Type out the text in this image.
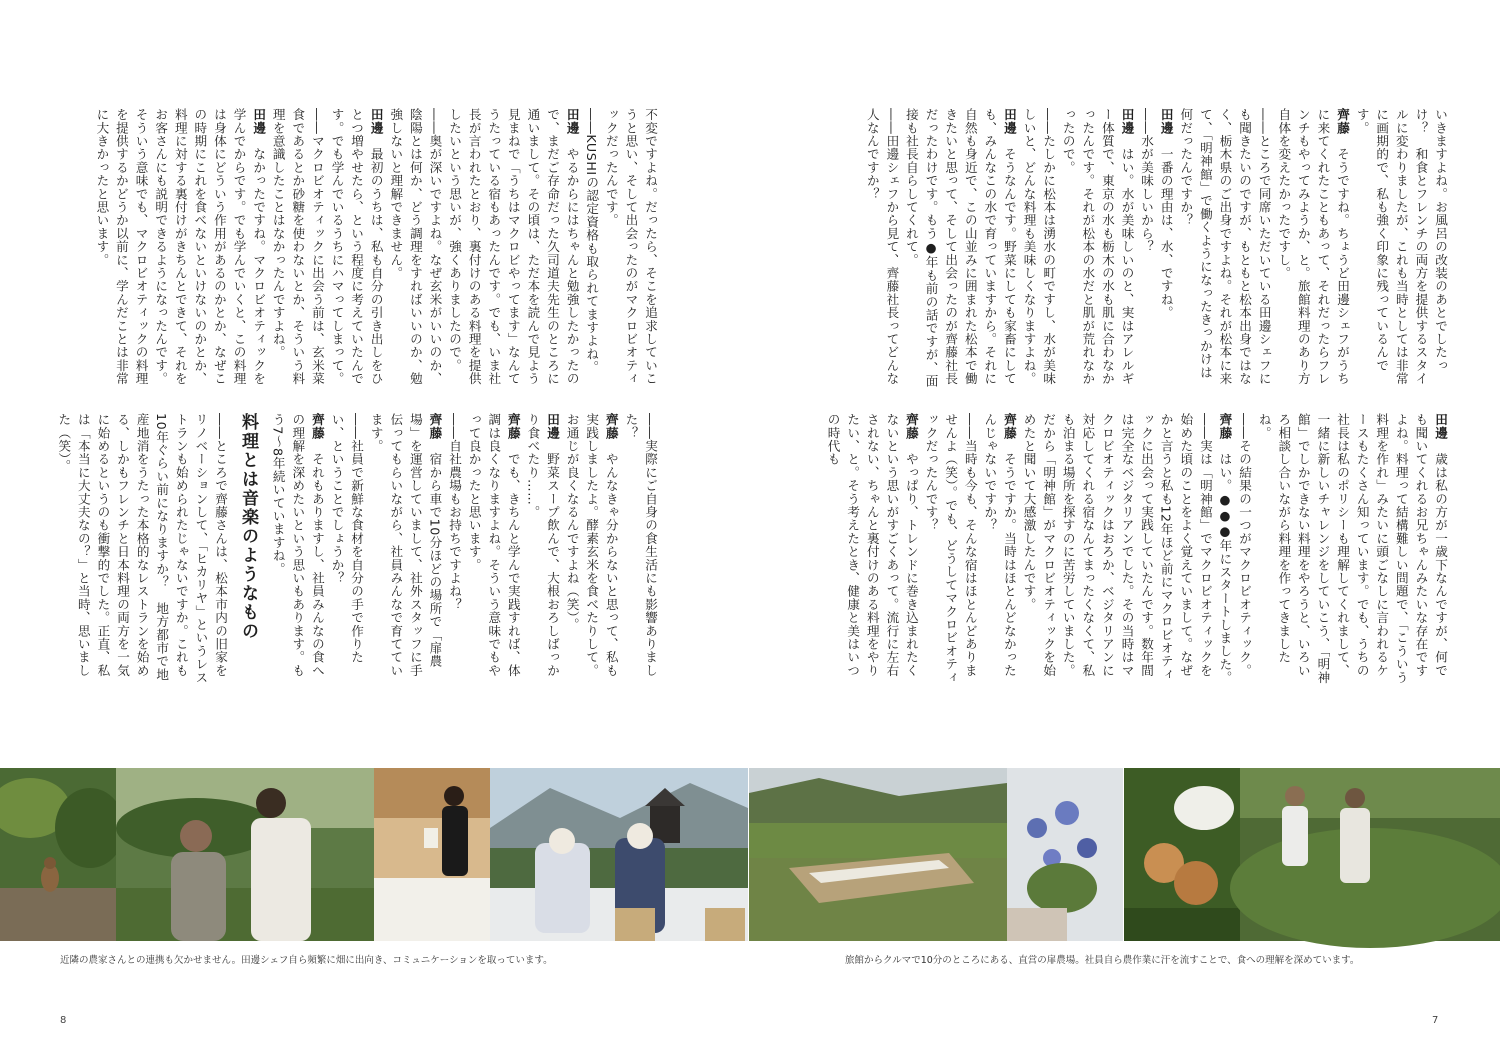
いきますよね。お風呂の改装のあとでしたっけ？　和食とフレンチの両方を提供するスタイルに変わりましたが、これも当時としては非常に画期的で、私も強く印象に残っているんです。

齊藤　そうですね。ちょうど田邊シェフがうちに来てくれたこともあって、それだったらフレンチもやってみようか、と。旅館料理のあり方自体を変えたかったですし。

――ところで同席いただいている田邊シェフにも聞きたいのですが、もともと松本出身ではなく、栃木県のご出身ですよね。それが松本に来て、「明神館」で働くようになったきっかけは何だったんですか？

田邊　一番の理由は、水、ですね。

――水が美味しいから？

田邊　はい。水が美味しいのと、実はアレルギー体質で、東京の水も栃木の水も肌に合わなかったんです。それが松本の水だと肌が荒れなかったので。

――たしかに松本は湧水の町ですし、水が美味しいと、どんな料理も美味しくなりますよね。

田邊　そうなんです。野菜にしても家畜にしても、みんなこの水で育っていますから。それに自然も身近で、この山並みに囲まれた松本で働きたいと思って、そして出会ったのが齊藤社長だったわけです。もう●年も前の話ですが、面接も社長自らしてくれて。

――田邊シェフから見て、齊藤社長ってどんな人なんですか？

田邊　歳は私の方が一歳下なんですが、何でも聞いてくれるお兄ちゃんみたいな存在ですよね。料理って結構難しい問題で、「こういう料理を作れ」みたいに頭ごなしに言われるケースもたくさん知っています。でも、うちの社長は私のポリシーも理解してくれまして、一緒に新しいチャレンジをしていこう、「明神館」でしかできない料理をやろうと、いろいろ相談し合いながら料理を作ってきましたね。

――その結果の一つがマクロビオティック。

齊藤　はい。●●●年にスタートしました。

――実は「明神館」でマクロビオティックを始めた頃のことをよく覚えていまして。なぜかと言うと私も12年ほど前にマクロビオティックに出会って実践していたんです。数年間は完全なベジタリアンでした。その当時はマクロビオティックはおろか、ベジタリアンに対応してくれる宿なんてまったくなくて、私も泊まる場所を探すのに苦労していました。だから「明神館」がマクロビオティックを始めたと聞いて大感激したんです。

齊藤　そうですか。当時はほとんどなかったんじゃないですか？

――当時も今も、そんな宿はほとんどありませんよ（笑）。でも、どうしてマクロビオティックだったんです？

齊藤　やっぱり、トレンドに巻き込まれたくないという思いがすごくあって。流行に左右されない、ちゃんと裏付けのある料理をやりたい、と。そう考えたとき、健康と美はいつの時代も

不変ですよね。だったら、そこを追求していこうと思い、そして出会ったのがマクロビオティックだったんです。

――KUSHIの認定資格も取られてますよね。

田邊　やるからにはちゃんと勉強したかったので、まだご存命だった久司道夫先生のところに通いまして。その頃は、ただ本を読んで見よう見まねで「うちはマクロビやってます」なんてうたっている宿もあったんです。でも、いま社長が言われたとおり、裏付けのある料理を提供したいという思いが、強くありましたので。

――奥が深いですよね。なぜ玄米がいいのか、陰陽とは何か、どう調理をすればいいのか、勉強しないと理解できません。

田邊　最初のうちは、私も自分の引き出しをひとつ増やせたら、という程度に考えていたんです。でも学んでいるうちにハマってしまって。

――マクロビオティックに出会う前は、玄米菜食であるとか砂糖を使わないとか、そういう料理を意識したことはなかったんですよね。

田邊　なかったですね。マクロビオティックを学んでからです。でも学んでいくと、この料理は身体にどういう作用があるのかとか、なぜこの時期にこれを食べないといけないのかとか、料理に対する裏付けがきちんとできて、それをお客さんにも説明できるようになったんです。そういう意味でも、マクロビオティックの料理を提供するかどうか以前に、学んだことは非常に大きかったと思います。

――実際にご自身の食生活にも影響ありました？

齊藤　やんなきゃ分からないと思って、私も実践しましたよ。酵素玄米を食べたりして。お通じが良くなるんですよね（笑）。

田邊　野菜スープ飲んで、大根おろしばっかり食べたり……。

齊藤　でも、きちんと学んで実践すれば、体調は良くなりますよね。そういう意味でもやって良かったと思います。

――自社農場もお持ちですよね？

齊藤　宿から車で10分ほどの場所で「扉農場」を運営していまして、社外スタッフに手伝ってもらいながら、社員みんなで育てています。

――社員で新鮮な食材を自分の手で作りたい、ということでしょうか？

齊藤　それもありますし、社員みんなの食への理解を深めたいという思いもあります。もう7～8年続いていますね。

料理とは音楽のようなもの

――ところで齊藤さんは、松本市内の旧家をリノベーションして、「ヒカリヤ」というレストランも始められたじゃないですか。これも10年ぐらい前になりますか？　地方都市で地産地消をうたった本格的なレストランを始める、しかもフレンチと日本料理の両方を一気に始めるというのも衝撃的でした。正直、私は「本当に大丈夫なの？」と当時、思いました（笑）。

近隣の農家さんとの連携も欠かせません。田邊シェフ自ら頻繁に畑に出向き、コミュニケーションを取っています。	旅館からクルマで10分のところにある、直営の扉農場。社員自ら農作業に汗を流すことで、食への理解を深めています。
8	7
